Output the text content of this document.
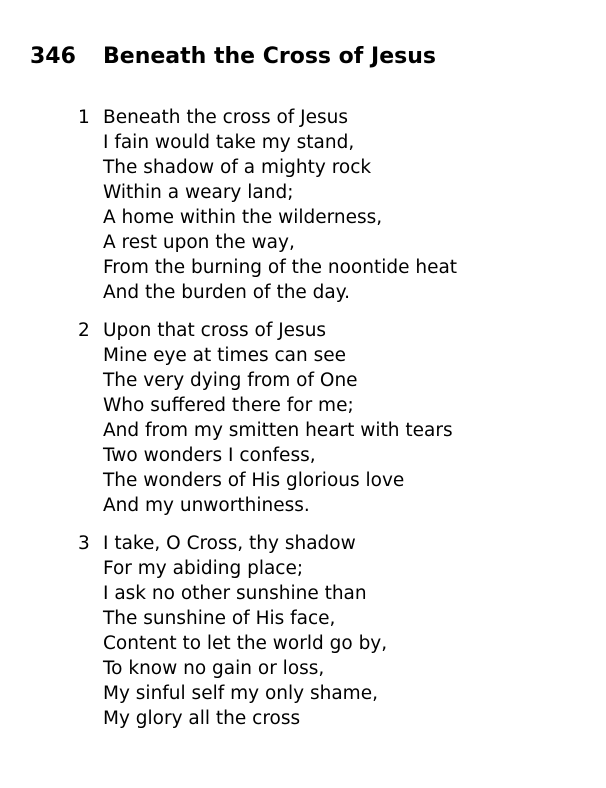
346 Beneath the Cross of Jesus
1 Beneath the cross of Jesus
I fain would take my stand,
The shadow of a mighty rock
Within a weary land;
A home within the wilderness,
A rest upon the way,
From the burning of the noontide heat
And the burden of the day.
2 Upon that cross of Jesus
Mine eye at times can see
The very dying from of One
Who suffered there for me;
And from my smitten heart with tears
Two wonders I confess,
The wonders of His glorious love
And my unworthiness.
3 I take, O Cross, thy shadow
For my abiding place;
I ask no other sunshine than
The sunshine of His face,
Content to let the world go by,
To know no gain or loss,
My sinful self my only shame,
My glory all the cross
